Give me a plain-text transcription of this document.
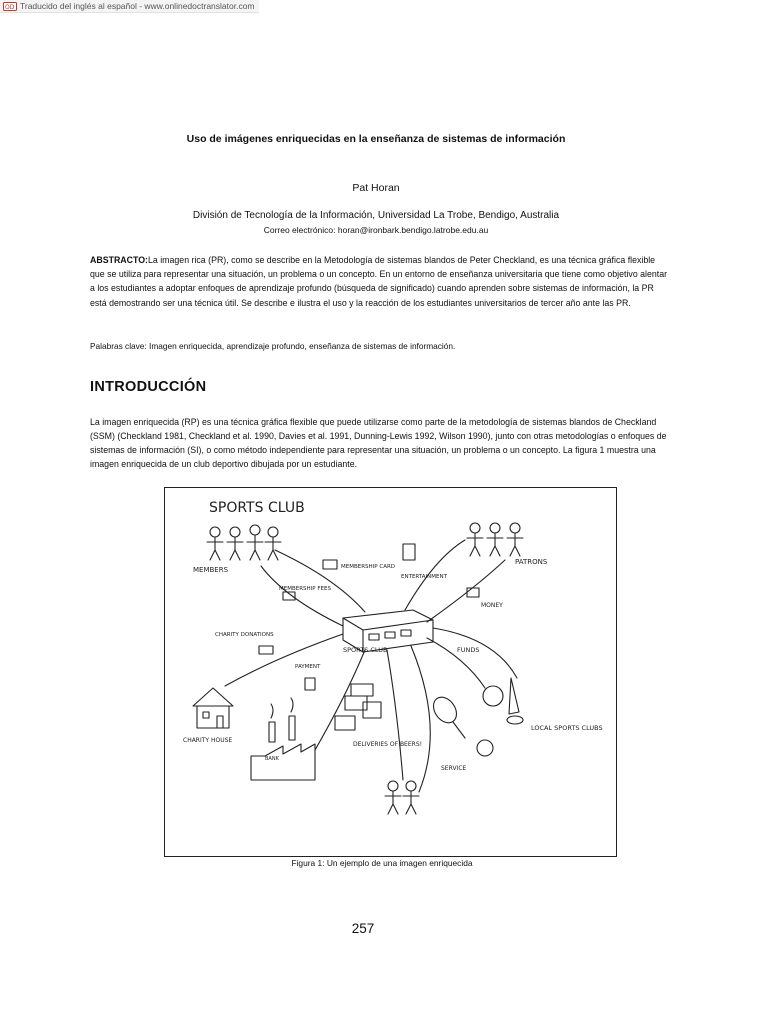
OD Traducido del inglés al español - www.onlinedoctranslator.com
Uso de imágenes enriquecidas en la enseñanza de sistemas de información
Pat Horan
División de Tecnología de la Información, Universidad La Trobe, Bendigo, Australia
Correo electrónico: horan@ironbark.bendigo.latrobe.edu.au
ABSTRACTO:La imagen rica (PR), como se describe en la Metodología de sistemas blandos de Peter Checkland, es una técnica gráfica flexible que se utiliza para representar una situación, un problema o un concepto. En un entorno de enseñanza universitaria que tiene como objetivo alentar a los estudiantes a adoptar enfoques de aprendizaje profundo (búsqueda de significado) cuando aprenden sobre sistemas de información, la PR está demostrando ser una técnica útil. Se describe e ilustra el uso y la reacción de los estudiantes universitarios de tercer año ante las PR.
Palabras clave: Imagen enriquecida, aprendizaje profundo, enseñanza de sistemas de información.
INTRODUCCIÓN
La imagen enriquecida (RP) es una técnica gráfica flexible que puede utilizarse como parte de la metodología de sistemas blandos de Checkland (SSM) (Checkland 1981, Checkland et al. 1990, Davies et al. 1991, Dunning-Lewis 1992, Wilson 1990), junto con otras metodologías o enfoques de sistemas de información (SI), o como método independiente para representar una situación, un problema o un concepto. La figura 1 muestra una imagen enriquecida de un club deportivo dibujada por un estudiante.
SPORTS CLUB
MEMBERS
PATRONS
SPORTS CLUB
MEMBERSHIP CARD
MEMBERSHIP FEES
ENTERTAINMENT
MONEY
CHARITY DONATIONS
CHARITY HOUSE
FUNDS
PAYMENT
BANK
DELIVERIES OF BEERS!
SERVICE
LOCAL SPORTS CLUBS
Figura 1: Un ejemplo de una imagen enriquecida
257
